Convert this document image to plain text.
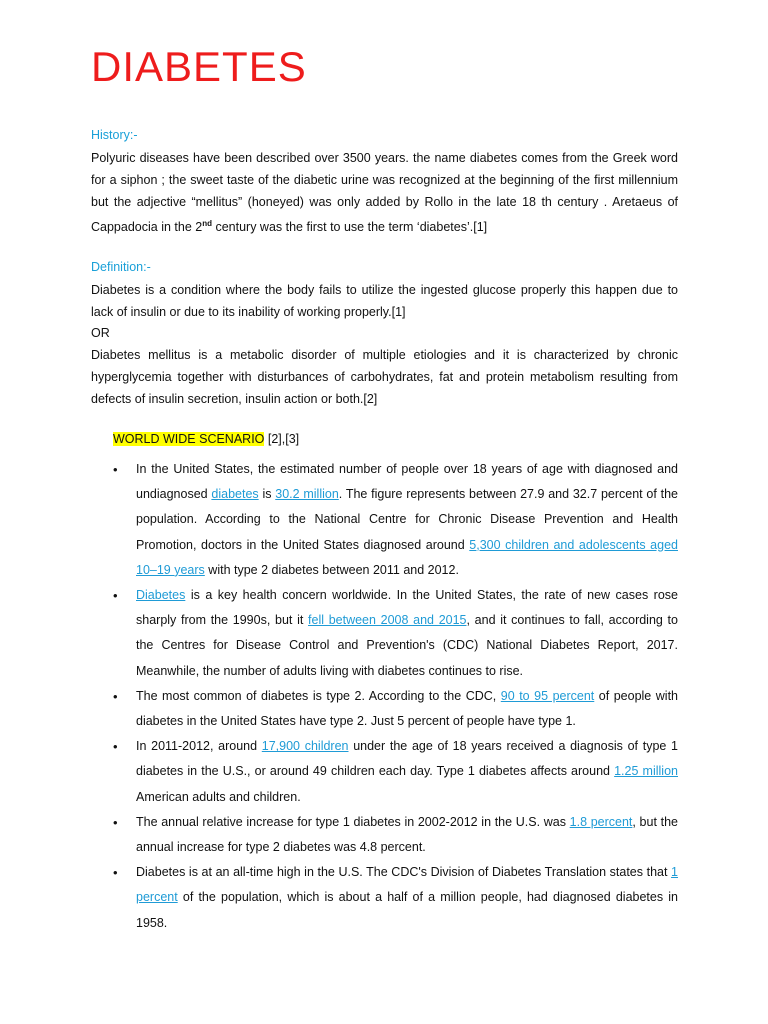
DIABETES
History:-
Polyuric diseases have been described over 3500 years. the name diabetes comes from the Greek word for a siphon ; the sweet taste of the diabetic urine was recognized at the beginning of the first millennium but the adjective “mellitus” (honeyed) was only added by Rollo in the late 18 th century . Aretaeus of Cappadocia in the 2nd century was the first to use the term ‘diabetes’.[1]
Definition:-
Diabetes is a condition where the body fails to utilize the ingested glucose properly this happen due to lack of insulin or due to its inability of working properly.[1]
OR
Diabetes mellitus is a metabolic disorder of multiple etiologies and it is characterized by chronic hyperglycemia together with disturbances of carbohydrates, fat and protein metabolism resulting from defects of insulin secretion, insulin action or both.[2]
WORLD WIDE SCENARIO [2],[3]
• In the United States, the estimated number of people over 18 years of age with diagnosed and undiagnosed diabetes is 30.2 million. The figure represents between 27.9 and 32.7 percent of the population. According to the National Centre for Chronic Disease Prevention and Health Promotion, doctors in the United States diagnosed around 5,300 children and adolescents aged 10–19 years with type 2 diabetes between 2011 and 2012.
• Diabetes is a key health concern worldwide. In the United States, the rate of new cases rose sharply from the 1990s, but it fell between 2008 and 2015, and it continues to fall, according to the Centres for Disease Control and Prevention's (CDC) National Diabetes Report, 2017. Meanwhile, the number of adults living with diabetes continues to rise.
• The most common of diabetes is type 2. According to the CDC, 90 to 95 percent of people with diabetes in the United States have type 2. Just 5 percent of people have type 1.
• In 2011-2012, around 17,900 children under the age of 18 years received a diagnosis of type 1 diabetes in the U.S., or around 49 children each day. Type 1 diabetes affects around 1.25 million American adults and children.
• The annual relative increase for type 1 diabetes in 2002-2012 in the U.S. was 1.8 percent, but the annual increase for type 2 diabetes was 4.8 percent.
• Diabetes is at an all-time high in the U.S. The CDC's Division of Diabetes Translation states that 1 percent of the population, which is about a half of a million people, had diagnosed diabetes in 1958.
